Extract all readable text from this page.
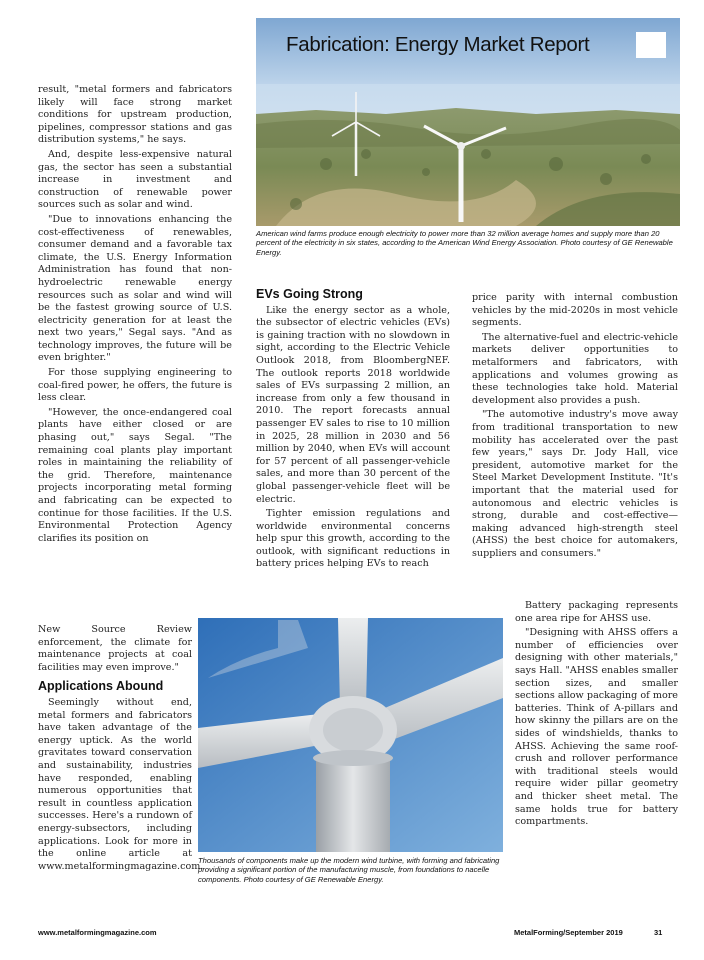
Fabrication: Energy Market Report
American wind farms produce enough electricity to power more than 32 million average homes and supply more than 20 percent of the electricity in six states, according to the American Wind Energy Association. Photo courtesy of GE Renewable Energy.

result, "metal formers and fabricators likely will face strong market conditions for upstream production, pipelines, compressor stations and gas distribution systems," he says.

And, despite less-expensive natural gas, the sector has seen a substantial increase in investment and construction of renewable power sources such as solar and wind.

"Due to innovations enhancing the cost-effectiveness of renewables, consumer demand and a favorable tax climate, the U.S. Energy Information Administration has found that non-hydroelectric renewable energy resources such as solar and wind will be the fastest growing source of U.S. electricity generation for at least the next two years," Segal says. "And as technology improves, the future will be even brighter."

For those supplying engineering to coal-fired power, he offers, the future is less clear.

"However, the once-endangered coal plants have either closed or are phasing out," says Segal. "The remaining coal plants play important roles in maintaining the reliability of the grid. Therefore, maintenance projects incorporating metal forming and fabricating can be expected to continue for those facilities. If the U.S. Environmental Protection Agency clarifies its position on

New Source Review enforcement, the climate for maintenance projects at coal facilities may even improve."

Applications Abound

Seemingly without end, metal formers and fabricators have taken advantage of the energy uptick. As the world gravitates toward conservation and sustainability, industries have responded, enabling numerous opportunities that result in countless application successes. Here's a rundown of energy-subsectors, including applications. Look for more in the online article at www.metalformingmagazine.com.

EVs Going Strong

Like the energy sector as a whole, the subsector of electric vehicles (EVs) is gaining traction with no slowdown in sight, according to the Electric Vehicle Outlook 2018, from BloombergNEF. The outlook reports 2018 worldwide sales of EVs surpassing 2 million, an increase from only a few thousand in 2010. The report forecasts annual passenger EV sales to rise to 10 million in 2025, 28 million in 2030 and 56 million by 2040, when EVs will account for 57 percent of all passenger-vehicle sales, and more than 30 percent of the global passenger-vehicle fleet will be electric.

Tighter emission regulations and worldwide environmental concerns help spur this growth, according to the outlook, with significant reductions in battery prices helping EVs to reach

price parity with internal combustion vehicles by the mid-2020s in most vehicle segments.

The alternative-fuel and electric-vehicle markets deliver opportunities to metalformers and fabricators, with applications and volumes growing as these technologies take hold. Material development also provides a push.

"The automotive industry's move away from traditional transportation to new mobility has accelerated over the past few years," says Dr. Jody Hall, vice president, automotive market for the Steel Market Development Institute. "It's important that the material used for autonomous and electric vehicles is strong, durable and cost-effective—making advanced high-strength steel (AHSS) the best choice for automakers, suppliers and consumers."

Battery packaging represents one area ripe for AHSS use.

"Designing with AHSS offers a number of efficiencies over designing with other materials," says Hall. "AHSS enables smaller section sizes, and smaller sections allow packaging of more batteries. Think of A-pillars and how skinny the pillars are on the sides of windshields, thanks to AHSS. Achieving the same roof-crush and rollover performance with traditional steels would require wider pillar geometry and thicker sheet metal. The same holds true for battery compartments.

Thousands of components make up the modern wind turbine, with forming and fabricating providing a significant portion of the manufacturing muscle, from foundations to nacelle components. Photo courtesy of GE Renewable Energy.
www.metalformingmagazine.com	MetalForming/September 2019	31
